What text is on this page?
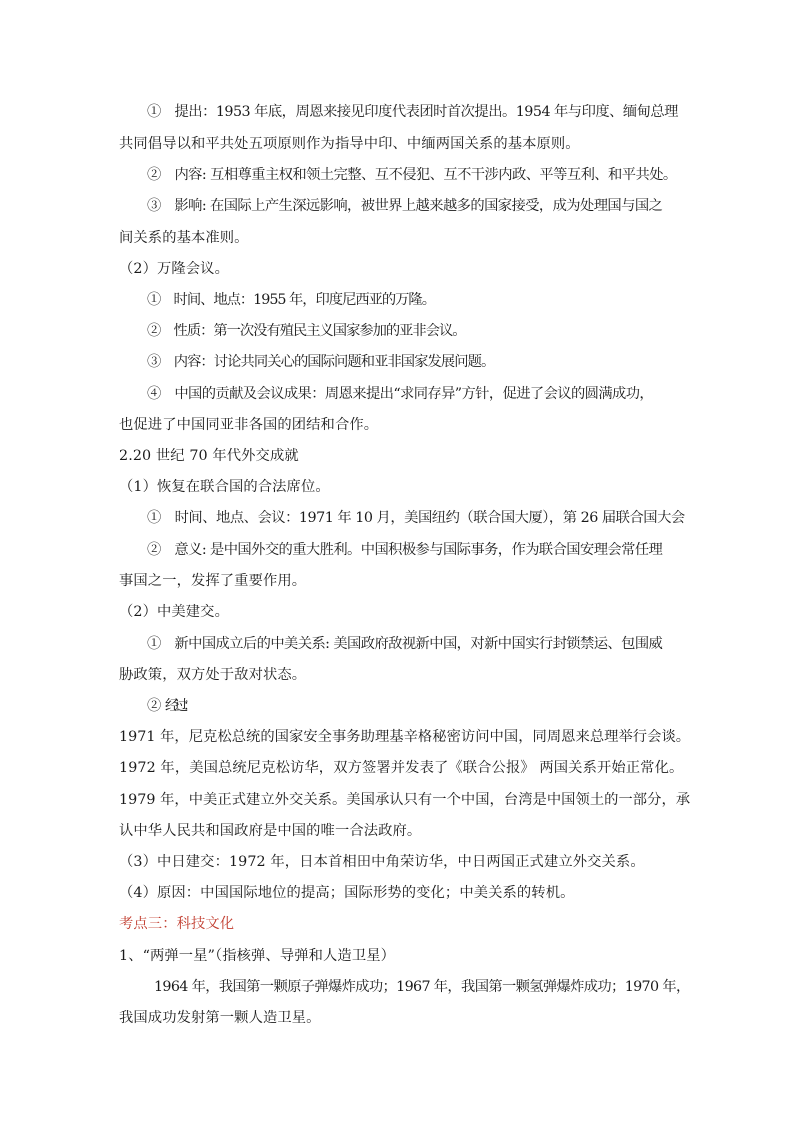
①　提出：1953 年底，周恩来接见印度代表团时首次提出。1954 年与印度、缅甸总理
共同倡导以和平共处五项原则作为指导中印、中缅两国关系的基本原则。
②　内容: 互相尊重主权和领土完整、互不侵犯、互不干涉内政、平等互利、和平共处。
③　影响: 在国际上产生深远影响，被世界上越来越多的国家接受，成为处理国与国之
间关系的基本准则。
（2）万隆会议。
①　时间、地点：1955 年，印度尼西亚的万隆。
②　性质：第一次没有殖民主义国家参加的亚非会议。
③　内容：讨论共同关心的国际问题和亚非国家发展问题。
④　中国的贡献及会议成果：周恩来提出“求同存异”方针，促进了会议的圆满成功，
也促进了中国同亚非各国的团结和合作。
2.20 世纪 70 年代外交成就
（1）恢复在联合国的合法席位。
①　时间、地点、会议：1971 年 10 月，美国纽约（联合国大厦），第 26 届联合国大会
②　意义: 是中国外交的重大胜利。中国积极参与国际事务，作为联合国安理会常任理
事国之一，发挥了重要作用。
（2）中美建交。
①　新中国成立后的中美关系: 美国政府敌视新中国，对新中国实行封锁禁运、包围威
胁政策，双方处于敌对状态。
②　经过：
1971 年，尼克松总统的国家安全事务助理基辛格秘密访问中国，同周恩来总理举行会谈。
1972 年，美国总统尼克松访华，双方签署并发表了《联合公报》 两国关系开始正常化。
1979 年，中美正式建立外交关系。美国承认只有一个中国，台湾是中国领土的一部分，承
认中华人民共和国政府是中国的唯一合法政府。
（3）中日建交：1972 年，日本首相田中角荣访华，中日两国正式建立外交关系。
（4）原因：中国国际地位的提高；国际形势的变化；中美关系的转机。
考点三：科技文化
1、“两弹一星”（指核弹、导弹和人造卫星）
1964 年，我国第一颗原子弹爆炸成功；1967 年，我国第一颗氢弹爆炸成功；1970 年，
我国成功发射第一颗人造卫星。
